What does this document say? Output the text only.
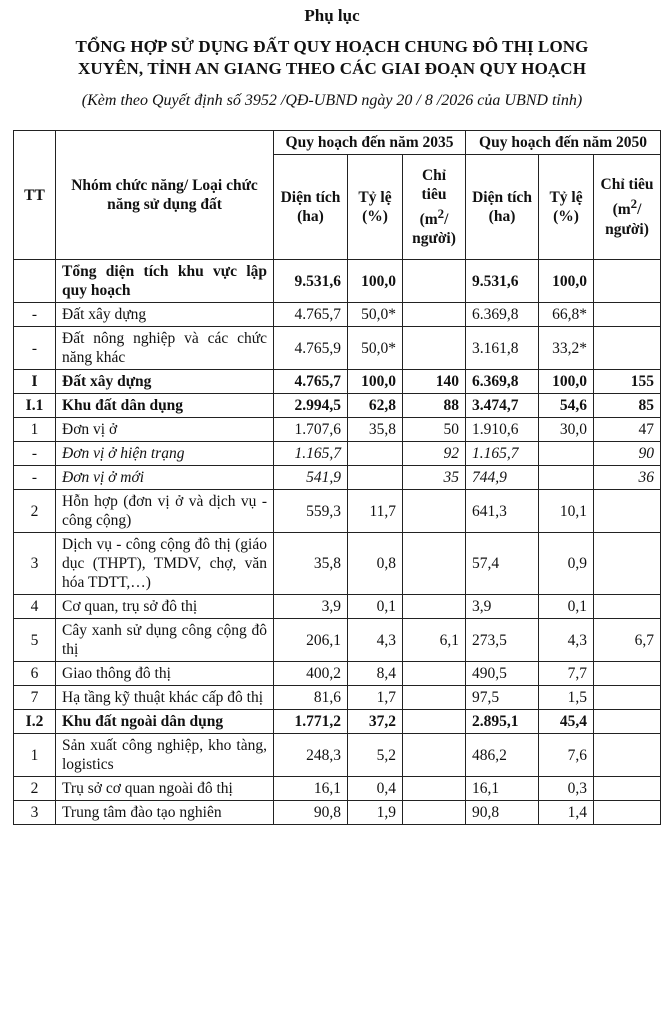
Phụ lục
TỔNG HỢP SỬ DỤNG ĐẤT QUY HOẠCH CHUNG ĐÔ THỊ LONG
XUYÊN, TỈNH AN GIANG THEO CÁC GIAI ĐOẠN QUY HOẠCH
(Kèm theo Quyết định số 3952 /QĐ-UBND ngày 20 / 8 /2026 của UBND tỉnh)
TT	Nhóm chức năng/ Loại chức năng sử dụng đất	Quy hoạch đến năm 2035			Quy hoạch đến năm 2050		
		Diện tích (ha)	Tỷ lệ (%)	Chỉ tiêu ($m^2/$ người)	Diện tích (ha)	Tỷ lệ (%)	Chỉ tiêu ($m^2/$ người)
	Tổng diện tích khu vực lập quy hoạch	9.531,6	100,0		9.531,6	100,0	
-	Đất xây dựng	4.765,7	50,0*		6.369,8	66,8*	
-	Đất nông nghiệp và các chức năng khác	4.765,9	50,0*		3.161,8	33,2*	
I	Đất xây dựng	4.765,7	100,0	140	6.369,8	100,0	155
I.1	Khu đất dân dụng	2.994,5	62,8	88	3.474,7	54,6	85
1	Đơn vị ở	1.707,6	35,8	50	1.910,6	30,0	47
-	Đơn vị ở hiện trạng	1.165,7		92	1.165,7		90
-	Đơn vị ở mới	541,9		35	744,9		36
2	Hỗn hợp (đơn vị ở và dịch vụ - công cộng)	559,3	11,7		641,3	10,1	
3	Dịch vụ - công cộng đô thị (giáo dục (THPT), TMDV, chợ, văn hóa TDTT,…)	35,8	0,8		57,4	0,9	
4	Cơ quan, trụ sở đô thị	3,9	0,1		3,9	0,1	
5	Cây xanh sử dụng công cộng đô thị	206,1	4,3	6,1	273,5	4,3	6,7
6	Giao thông đô thị	400,2	8,4		490,5	7,7	
7	Hạ tầng kỹ thuật khác cấp đô thị	81,6	1,7		97,5	1,5	
I.2	Khu đất ngoài dân dụng	1.771,2	37,2		2.895,1	45,4	
1	Sản xuất công nghiệp, kho tàng, logistics	248,3	5,2		486,2	7,6	
2	Trụ sở cơ quan ngoài đô thị	16,1	0,4		16,1	0,3	
3	Trung tâm đào tạo nghiên	90,8	1,9		90,8	1,4	
